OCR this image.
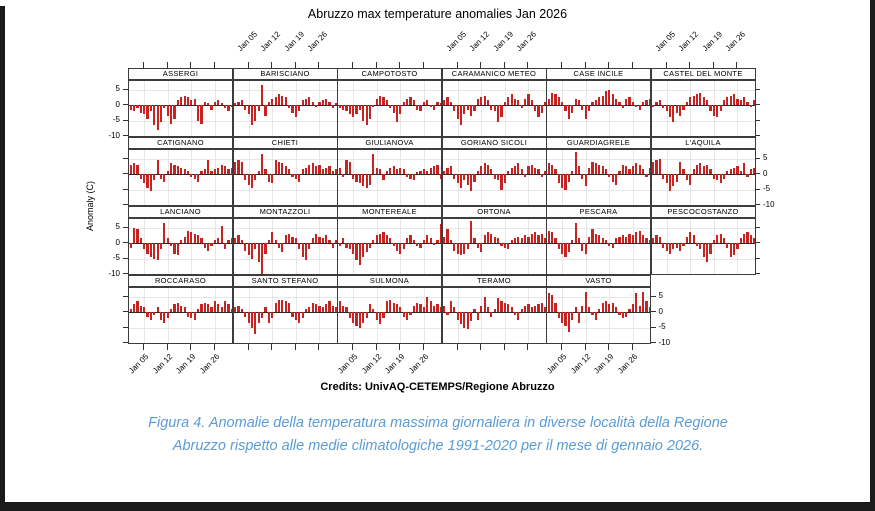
Abruzzo max temperature anomalies Jan 2026
Anomaly (C)
ASSERGI	BARISCIANO	CAMPOTOSTO	CARAMANICO METEO	CASE INCILE	CASTEL DEL MONTE
5
0
-5
-10
CATIGNANO	CHIETI	GIULIANOVA	GORIANO SICOLI	GUARDIAGRELE	L'AQUILA
5
0
-5
-10
LANCIANO	MONTAZZOLI	MONTEREALE	ORTONA	PESCARA	PESCOCOSTANZO
5
0
-5
-10
ROCCARASO	SANTO STEFANO	SULMONA	TERAMO	VASTO
5
0
-5
-10
Jan 05 Jan 12 Jan 19 Jan 26	Jan 05 Jan 12 Jan 19 Jan 26	Jan 05 Jan 12 Jan 19 Jan 26
Jan 05 Jan 12 Jan 19 Jan 26	Jan 05 Jan 12 Jan 19 Jan 26	Jan 05 Jan 12 Jan 19 Jan 26
Credits: UnivAQ-CETEMPS/Regione Abruzzo
Figura 4. Anomalie della temperatura massima giornaliera in diverse località della Regione
Abruzzo rispetto alle medie climatologiche 1991-2020 per il mese di gennaio 2026.
